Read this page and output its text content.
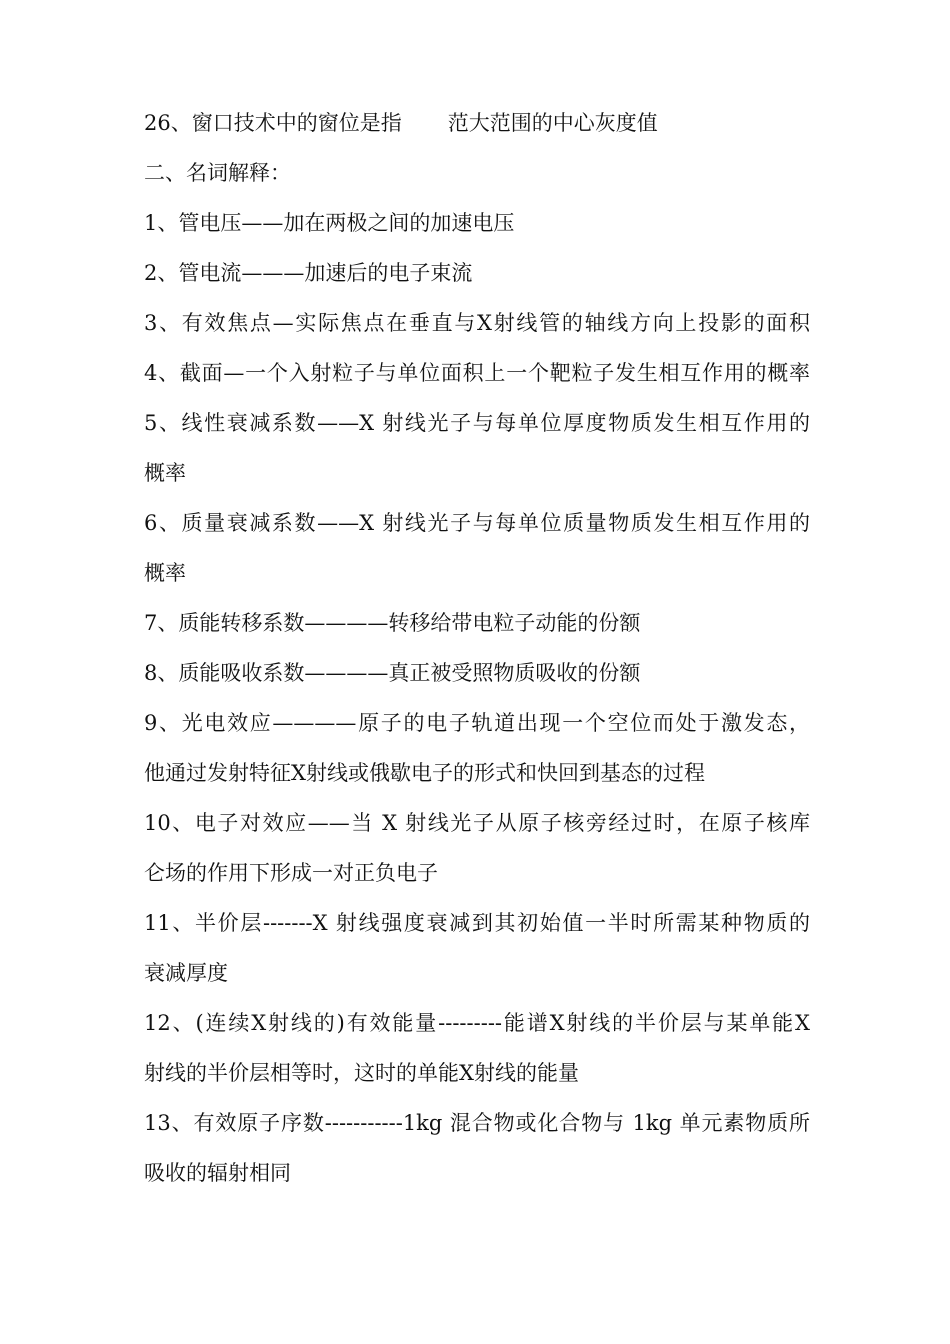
26、窗口技术中的窗位是指 范大范围的中心灰度值
二、名词解释：
1、管电压——加在两极之间的加速电压
2、管电流———加速后的电子束流
3、有效焦点—实际焦点在垂直与X射线管的轴线方向上投影的面积
4、截面—一个入射粒子与单位面积上一个靶粒子发生相互作用的概率
5、线性衰减系数——X 射线光子与每单位厚度物质发生相互作用的
概率
6、质量衰减系数——X 射线光子与每单位质量物质发生相互作用的
概率
7、质能转移系数————转移给带电粒子动能的份额
8、质能吸收系数————真正被受照物质吸收的份额
9、光电效应————原子的电子轨道出现一个空位而处于激发态，
他通过发射特征X射线或俄歇电子的形式和快回到基态的过程
10、电子对效应——当 X 射线光子从原子核旁经过时，在原子核库
仑场的作用下形成一对正负电子
11、半价层-------X 射线强度衰减到其初始值一半时所需某种物质的
衰减厚度
12、(连续X射线的)有效能量---------能谱X射线的半价层与某单能X
射线的半价层相等时，这时的单能X射线的能量
13、有效原子序数-----------1kg 混合物或化合物与 1kg 单元素物质所
吸收的辐射相同
